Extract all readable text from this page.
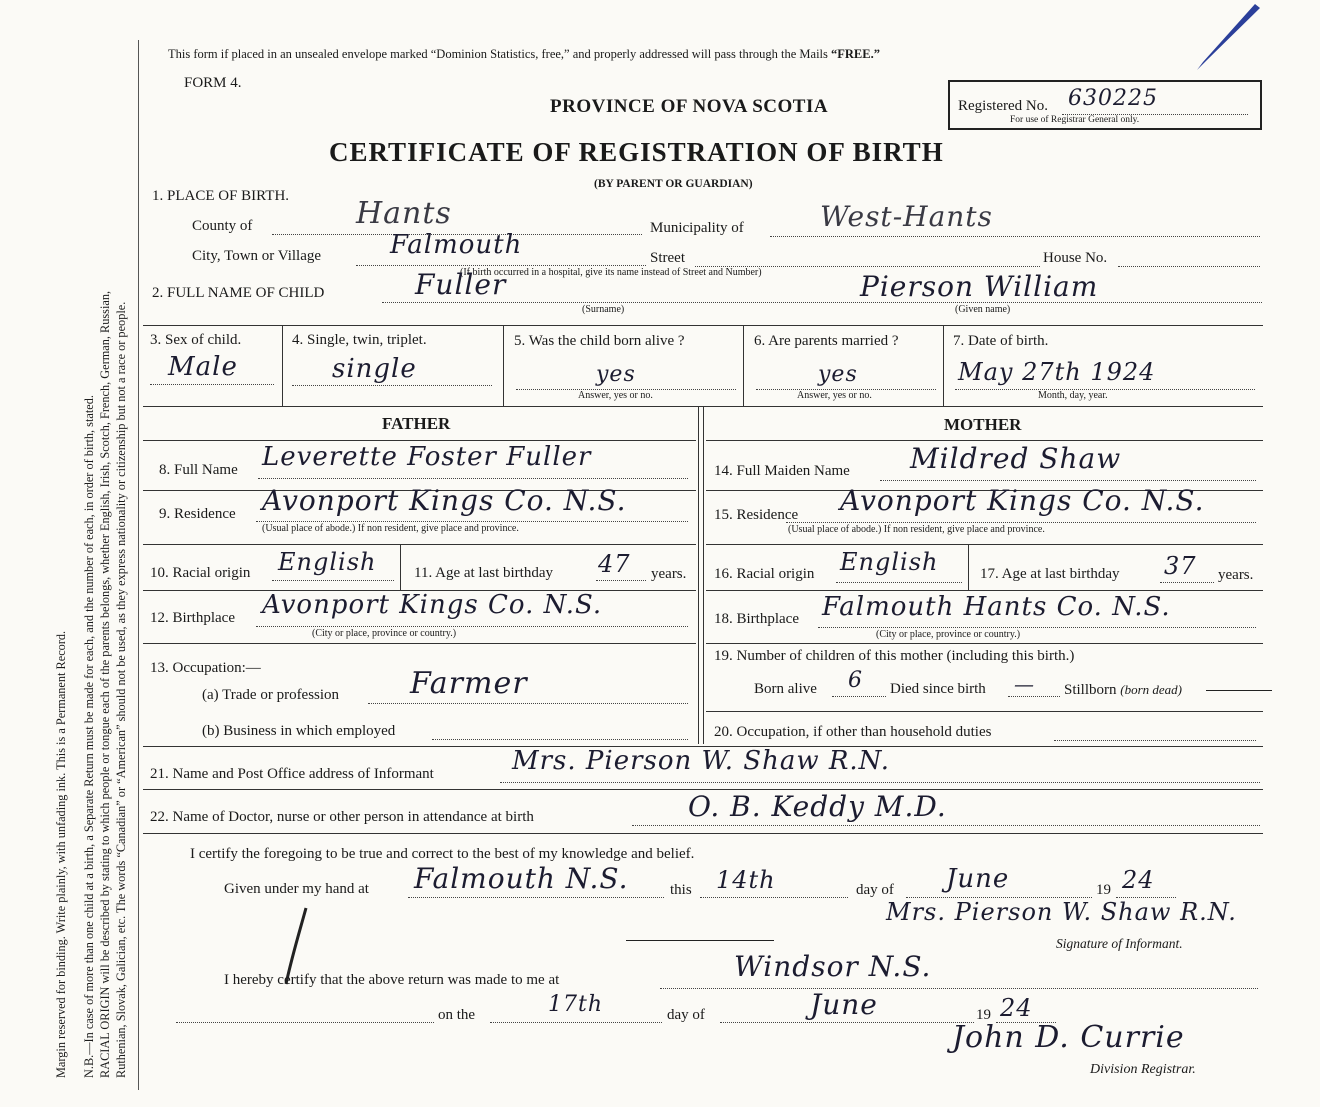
Margin reserved for binding. Write plainly, with unfading ink. This is a Permanent Record. N.B.—In case of more than one child at a birth, a Separate Return must be made for each, and the number of each, in order of birth, stated. RACIAL ORIGIN will be described by stating to which people or tongue each of the parents belongs, whether English, Irish, Scotch, French, German, Russian, Ruthenian, Slovak, Galician, etc. The words “Canadian” or “American” should not be used, as they express nationality or citizenship but not a race or people.
This form if placed in an unsealed envelope marked “Dominion Statistics, free,” and properly addressed will pass through the Mails “FREE.”
FORM 4.
PROVINCE OF NOVA SCOTIA
CERTIFICATE OF REGISTRATION OF BIRTH
(BY PARENT OR GUARDIAN)
Registered No. 630225
For use of Registrar General only.
1. PLACE OF BIRTH.
County of	Hants	Municipality of	West-Hants
City, Town or Village	Falmouth	Street	House No.
(If birth occurred in a hospital, give its name instead of Street and Number)
2. FULL NAME OF CHILD	Fuller	Pierson William
(Surname)	(Given name)
3. Sex of child.
Male
4. Single, twin, triplet.
single
5. Was the child born alive ?
yes
Answer, yes or no.
6. Are parents married ?
yes
Answer, yes or no.
7. Date of birth.
May 27th 1924
Month, day, year.
FATHER	MOTHER
8. Full Name Leverette Foster Fuller
9. Residence Avonport Kings Co. N.S.
(Usual place of abode.) If non resident, give place and province.
10. Racial origin English	11. Age at last birthday 47 years.
12. Birthplace Avonport Kings Co. N.S.
(City or place, province or country.)
13. Occupation:—
(a) Trade or profession Farmer
(b) Business in which employed
14. Full Maiden Name Mildred Shaw
15. Residence Avonport Kings Co. N.S.
(Usual place of abode.) If non resident, give place and province.
16. Racial origin English	17. Age at last birthday 37 years.
18. Birthplace Falmouth Hants Co. N.S.
(City or place, province or country.)
19. Number of children of this mother (including this birth.)
Born alive 6 Died since birth — Stillborn (born dead)
20. Occupation, if other than household duties
21. Name and Post Office address of Informant	Mrs. Pierson W. Shaw R.N.
22. Name of Doctor, nurse or other person in attendance at birth	O. B. Keddy M.D.
I certify the foregoing to be true and correct to the best of my knowledge and belief.
Given under my hand at Falmouth N.S.	this 14th	day of June	19 24
Mrs. Pierson W. Shaw R.N.
Signature of Informant.
I hereby certify that the above return was made to me at	Windsor N.S.
on the	17th	day of	June	19 24
John D. Currie
Division Registrar.
